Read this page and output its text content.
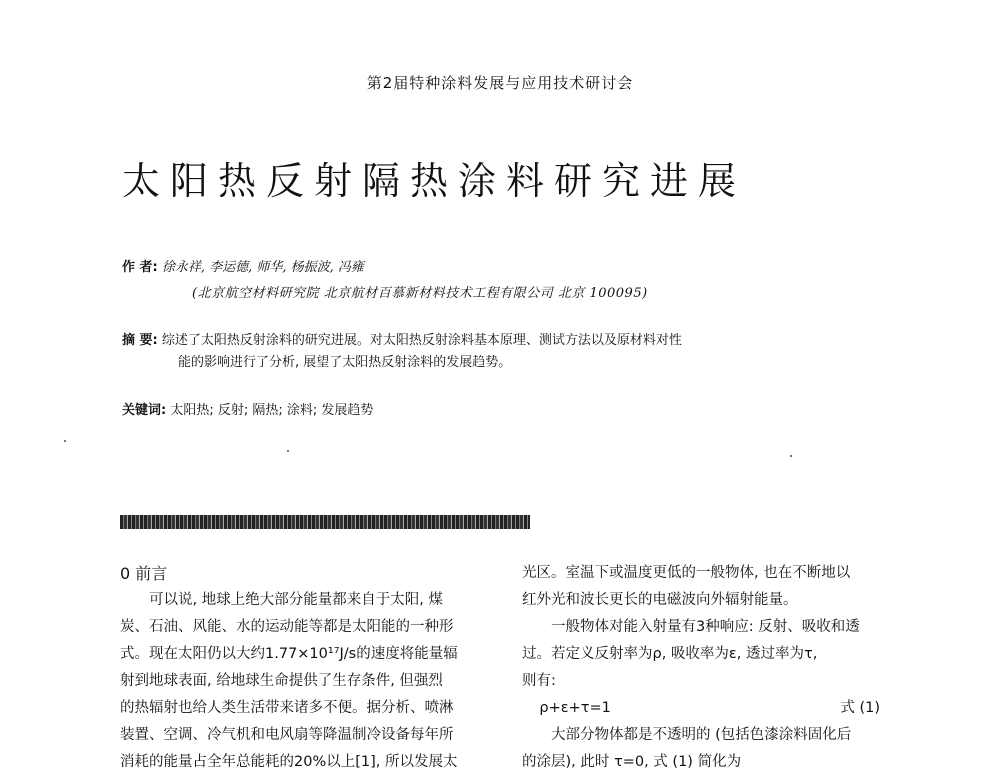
第2届特种涂料发展与应用技术研讨会
太阳热反射隔热涂料研究进展
作 者: 徐永祥, 李运德, 师华, 杨振波, 冯雍
(北京航空材料研究院 北京航材百慕新材料技术工程有限公司 北京 100095)
摘 要: 综述了太阳热反射涂料的研究进展。对太阳热反射涂料基本原理、测试方法以及原材料对性
能的影响进行了分析, 展望了太阳热反射涂料的发展趋势。
关键词: 太阳热; 反射; 隔热; 涂料; 发展趋势

0 前言

可以说, 地球上绝大部分能量都来自于太阳, 煤

炭、石油、风能、水的运动能等都是太阳能的一种形

式。现在太阳仍以大约1.77×10¹⁷J/s的速度将能量辐

射到地球表面, 给地球生命提供了生存条件, 但强烈

的热辐射也给人类生活带来诸多不便。据分析、喷淋

装置、空调、冷气机和电风扇等降温制冷设备每年所

消耗的能量占全年总能耗的20%以上[1], 所以发展太

光区。室温下或温度更低的一般物体, 也在不断地以

红外光和波长更长的电磁波向外辐射能量。

一般物体对能入射量有3种响应: 反射、吸收和透

过。若定义反射率为ρ, 吸收率为ε, 透过率为τ,

则有:

ρ+ε+τ=1	式 (1)

大部分物体都是不透明的 (包括色漆涂料固化后

的涂层), 此时 τ=0, 式 (1) 简化为
